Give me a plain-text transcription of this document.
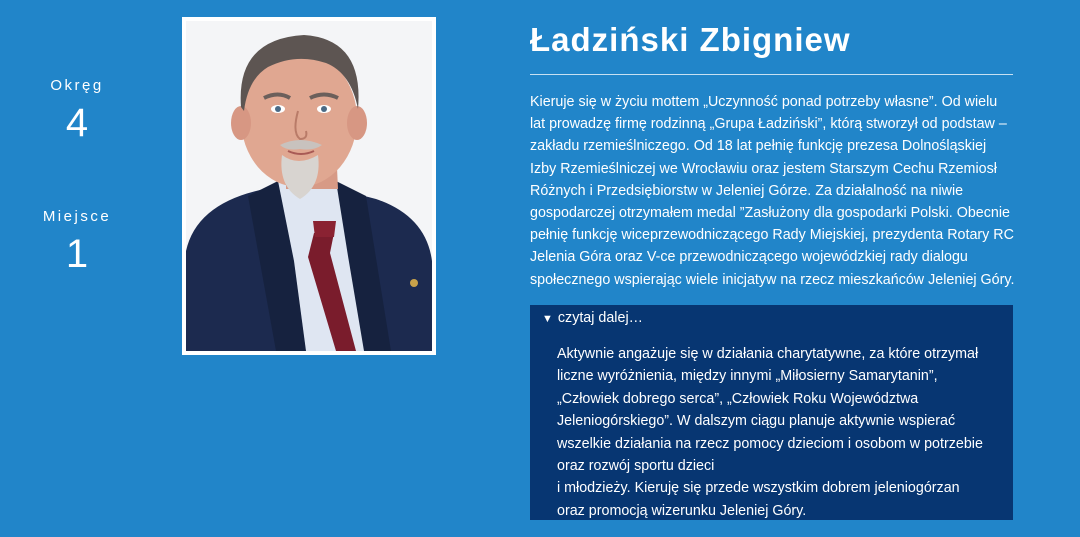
Okręg
4
Miejsce
1
Ładziński Zbigniew

Kieruje się w życiu mottem „Uczynność ponad potrzeby własne”. Od wielu lat prowadzę firmę rodzinną „Grupa Ładziński”, którą stworzył od podstaw – zakładu rzemieślniczego. Od 18 lat pełnię funkcję prezesa Dolnośląskiej Izby Rzemieślniczej we Wrocławiu oraz jestem Starszym Cechu Rzemiosł Różnych i Przedsiębiorstw w Jeleniej Górze. Za działalność na niwie gospodarczej otrzymałem medal ”Zasłużony dla gospodarki Polski. Obecnie pełnię funkcję wiceprzewodniczącego Rady Miejskiej, prezydenta Rotary RC Jelenia Góra oraz V-ce przewodniczącego wojewódzkiej rady dialogu społecznego wspierając wiele inicjatyw na rzecz mieszkańców Jeleniej Góry.

▼ czytaj dalej…
Aktywnie angażuje się w działania charytatywne, za które otrzymał
liczne wyróżnienia, między innymi „Miłosierny Samarytanin”,
„Człowiek dobrego serca”, „Człowiek Roku Województwa
Jeleniogórskiego”. W dalszym ciągu planuje aktywnie wspierać
wszelkie działania na rzecz pomocy dzieciom i osobom w potrzebie
oraz rozwój sportu dzieci
i młodzieży. Kieruję się przede wszystkim dobrem jeleniogórzan
oraz promocją wizerunku Jeleniej Góry.
